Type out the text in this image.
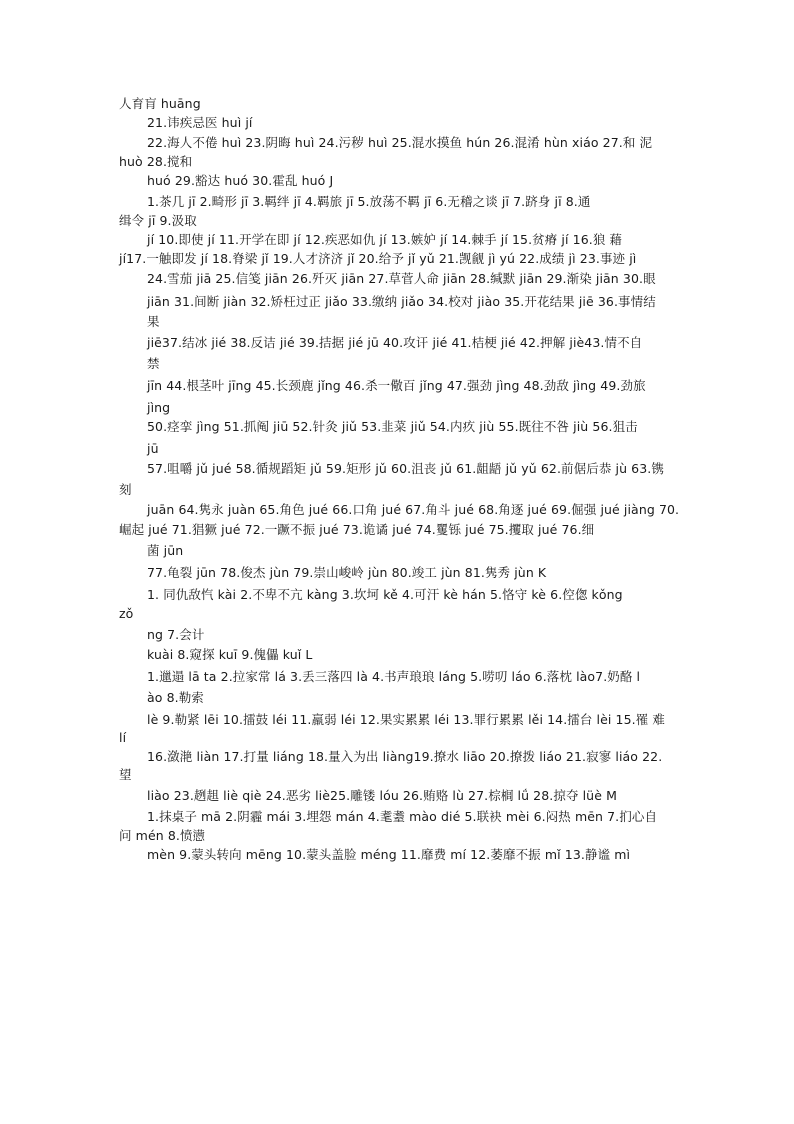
人育肓 huāng
21.讳疾忌医 huì jí
22.海人不倦 huì 23.阴晦 huì 24.污秽 huì 25.混水摸鱼 hún 26.混淆 hùn xiáo 27.和 泥
huò 28.搅和
huó 29.豁达 huó 30.霍乱 huó J
1.茶几 jī 2.畸形 jī 3.羁绊 jī 4.羁旅 jī 5.放荡不羁 jī 6.无稽之谈 jī 7.跻身 jī 8.通
缉令 jī 9.汲取
jí 10.即使 jí 11.开学在即 jí 12.疾恶如仇 jí 13.嫉妒 jí 14.棘手 jí 15.贫瘠 jí 16.狼 藉
jí17.一触即发 jí 18.脊梁 jǐ 19.人才济济 jǐ 20.给予 jǐ yǔ 21.觊觎 jì yú 22.成绩 jì 23.事迹 jì
24.雪茄 jiā 25.信笺 jiān 26.歼灭 jiān 27.草菅人命 jiān 28.缄默 jiān 29.渐染 jiān 30.眼
jiān 31.间断 jiàn 32.矫枉过正 jiǎo 33.缴纳 jiǎo 34.校对 jiào 35.开花结果 jiē 36.事情结
果
jiē37.结冰 jié 38.反诘 jié 39.拮据 jié jū 40.攻讦 jié 41.桔梗 jié 42.押解 jiè43.情不自
禁
jīn 44.根茎叶 jīng 45.长颈鹿 jǐng 46.杀一儆百 jǐng 47.强劲 jìng 48.劲敌 jìng 49.劲旅
jìng
50.痉挛 jìng 51.抓阄 jiū 52.针灸 jiǔ 53.韭菜 jiǔ 54.内疚 jiù 55.既往不咎 jiù 56.狙击
jū
57.咀嚼 jǔ jué 58.循规蹈矩 jǔ 59.矩形 jǔ 60.沮丧 jǔ 61.龃龉 jǔ yǔ 62.前倨后恭 jù 63.镌
刻
juān 64.隽永 juàn 65.角色 jué 66.口角 jué 67.角斗 jué 68.角逐 jué 69.倔强 jué jiàng 70.
崛起 jué 71.猖獗 jué 72.一蹶不振 jué 73.诡谲 jué 74.矍铄 jué 75.攫取 jué 76.细
菌 jūn
77.龟裂 jūn 78.俊杰 jùn 79.崇山峻岭 jùn 80.竣工 jùn 81.隽秀 jùn K
1. 同仇敌忾 kài 2.不卑不亢 kàng 3.坎坷 kě 4.可汗 kè hán 5.恪守 kè 6.倥偬 kǒng
zǒ
ng 7.会计
kuài 8.窥探 kuī 9.傀儡 kuǐ L
1.邋遢 lā ta 2.拉家常 lá 3.丢三落四 là 4.书声琅琅 láng 5.唠叨 láo 6.落枕 lào7.奶酪 l
ào 8.勒索
lè 9.勒紧 lēi 10.擂鼓 léi 11.羸弱 léi 12.果实累累 léi 13.罪行累累 lěi 14.擂台 lèi 15.罹 难
lí
16.潋滟 liàn 17.打量 liáng 18.量入为出 liàng19.撩水 liāo 20.撩拨 liáo 21.寂寥 liáo 22.
望
liào 23.趔趄 liè qiè 24.恶劣 liè25.雕镂 lóu 26.贿赂 lù 27.棕榈 lǘ 28.掠夺 lüè M
1.抹桌子 mā 2.阴霾 mái 3.埋怨 mán 4.耄耋 mào dié 5.联袂 mèi 6.闷热 mēn 7.扪心自
问 mén 8.愤懑
mèn 9.蒙头转向 mēng 10.蒙头盖脸 méng 11.靡费 mí 12.萎靡不振 mǐ 13.静谧 mì
